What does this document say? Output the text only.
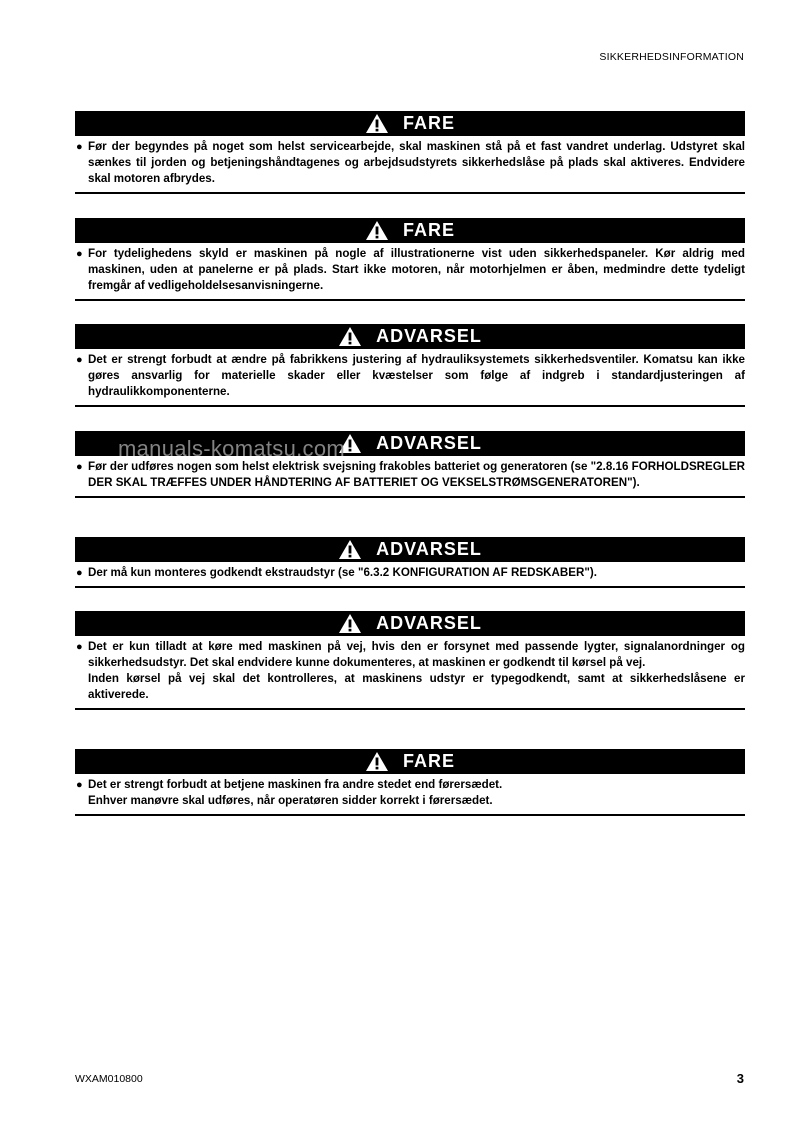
SIKKERHEDSINFORMATION
FARE
● Før der begyndes på noget som helst servicearbejde, skal maskinen stå på et fast vandret underlag. Udstyret skal sænkes til jorden og betjeningshåndtagenes og arbejdsudstyrets sikkerhedslåse på plads skal aktiveres. Endvidere skal motoren afbrydes.

FARE
● For tydelighedens skyld er maskinen på nogle af illustrationerne vist uden sikkerhedspaneler. Kør aldrig med maskinen, uden at panelerne er på plads. Start ikke motoren, når motorhjelmen er åben, medmindre dette tydeligt fremgår af vedligeholdelsesanvisningerne.

ADVARSEL
● Det er strengt forbudt at ændre på fabrikkens justering af hydrauliksystemets sikkerhedsventiler. Komatsu kan ikke gøres ansvarlig for materielle skader eller kvæstelser som følge af indgreb i standardjusteringen af hydraulikkomponenterne.

ADVARSEL
● Før der udføres nogen som helst elektrisk svejsning frakobles batteriet og generatoren (se "2.8.16 FORHOLDSREGLER DER SKAL TRÆFFES UNDER HÅNDTERING AF BATTERIET OG VEKSELSTRØMSGENERATOREN").

ADVARSEL
● Der må kun monteres godkendt ekstraudstyr (se "6.3.2 KONFIGURATION AF REDSKABER").

ADVARSEL
● Det er kun tilladt at køre med maskinen på vej, hvis den er forsynet med passende lygter, signalanordninger og sikkerhedsudstyr. Det skal endvidere kunne dokumenteres, at maskinen er godkendt til kørsel på vej.

Inden kørsel på vej skal det kontrolleres, at maskinens udstyr er typegodkendt, samt at sikkerhedslåsene er aktiverede.

FARE
● Det er strengt forbudt at betjene maskinen fra andre stedet end førersædet.

Enhver manøvre skal udføres, når operatøren sidder korrekt i førersædet.

manuals-komatsu.com
WXAM010800	3
